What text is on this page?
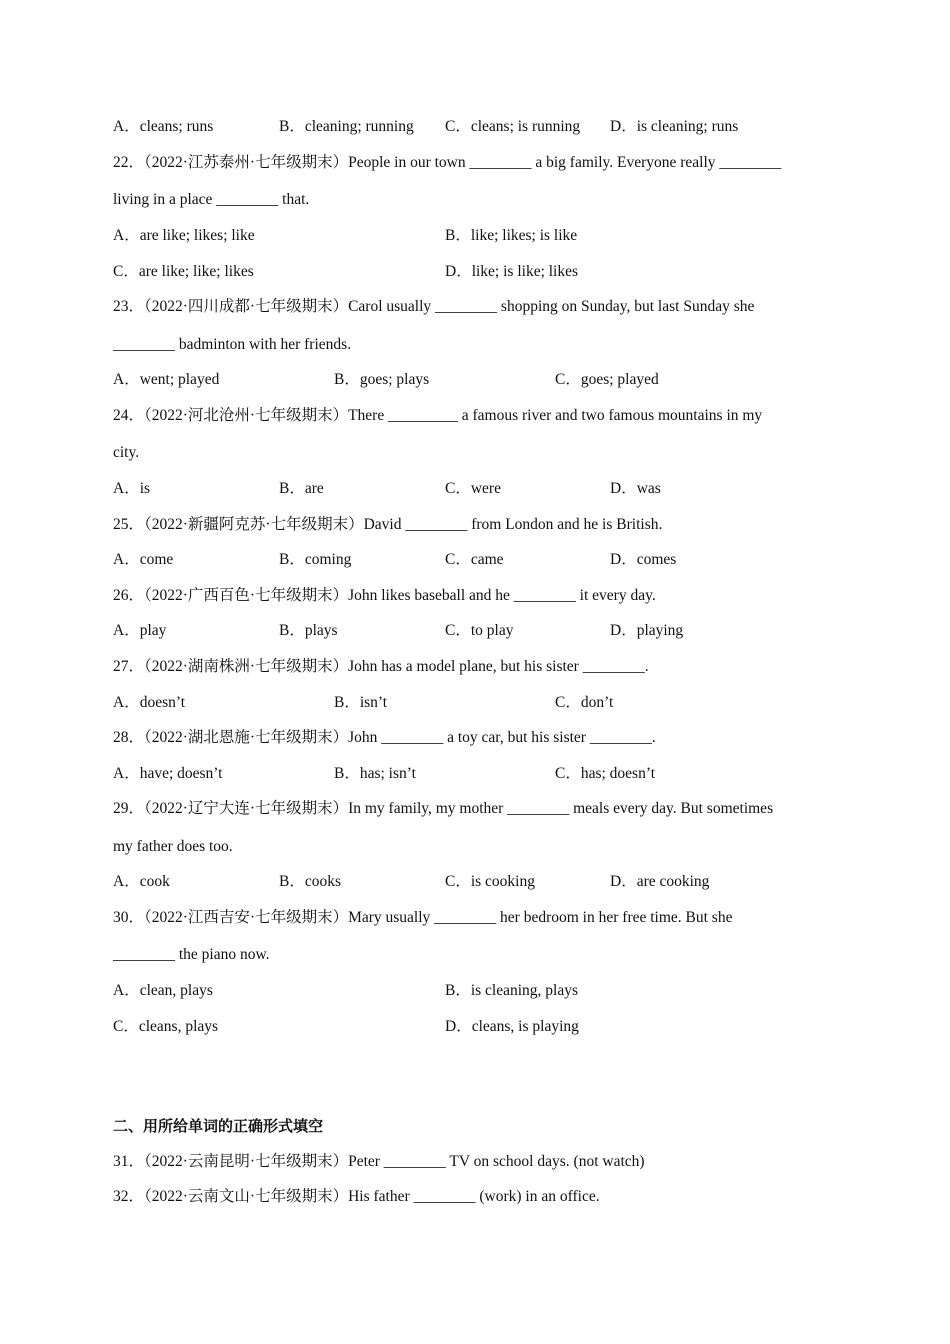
A．cleans; runs	B．cleaning; running C．cleans; is running D．is cleaning; runs
22．（2022·江苏泰州·七年级期末）People in our town ________ a big family. Everyone really ________
living in a place ________ that.
A．are like; likes; like	B．like; likes; is like
C．are like; like; likes	D．like; is like; likes
23．（2022·四川成都·七年级期末）Carol usually ________ shopping on Sunday, but last Sunday she
________ badminton with her friends.
A．went; played	B．goes; plays	C．goes; played
24．（2022·河北沧州·七年级期末）There _________ a famous river and two famous mountains in my
city.
A．is	B．are	C．were	D．was
25．（2022·新疆阿克苏·七年级期末）David ________ from London and he is British.
A．come	B．coming	C．came	D．comes
26．（2022·广西百色·七年级期末）John likes baseball and he ________ it every day.
A．play	B．plays	C．to play	D．playing
27．（2022·湖南株洲·七年级期末）John has a model plane, but his sister ________.
A．doesn’t	B．isn’t	C．don’t
28．（2022·湖北恩施·七年级期末）John ________ a toy car, but his sister ________.
A．have; doesn’t	B．has; isn’t	C．has; doesn’t
29．（2022·辽宁大连·七年级期末）In my family, my mother ________ meals every day. But sometimes
my father does too.
A．cook	B．cooks	C．is cooking	D．are cooking
30．（2022·江西吉安·七年级期末）Mary usually ________ her bedroom in her free time. But she
________ the piano now.
A．clean, plays	B．is cleaning, plays
C．cleans, plays	D．cleans, is playing
二、用所给单词的正确形式填空
31．（2022·云南昆明·七年级期末）Peter ________ TV on school days. (not watch)
32．（2022·云南文山·七年级期末）His father ________ (work) in an office.
